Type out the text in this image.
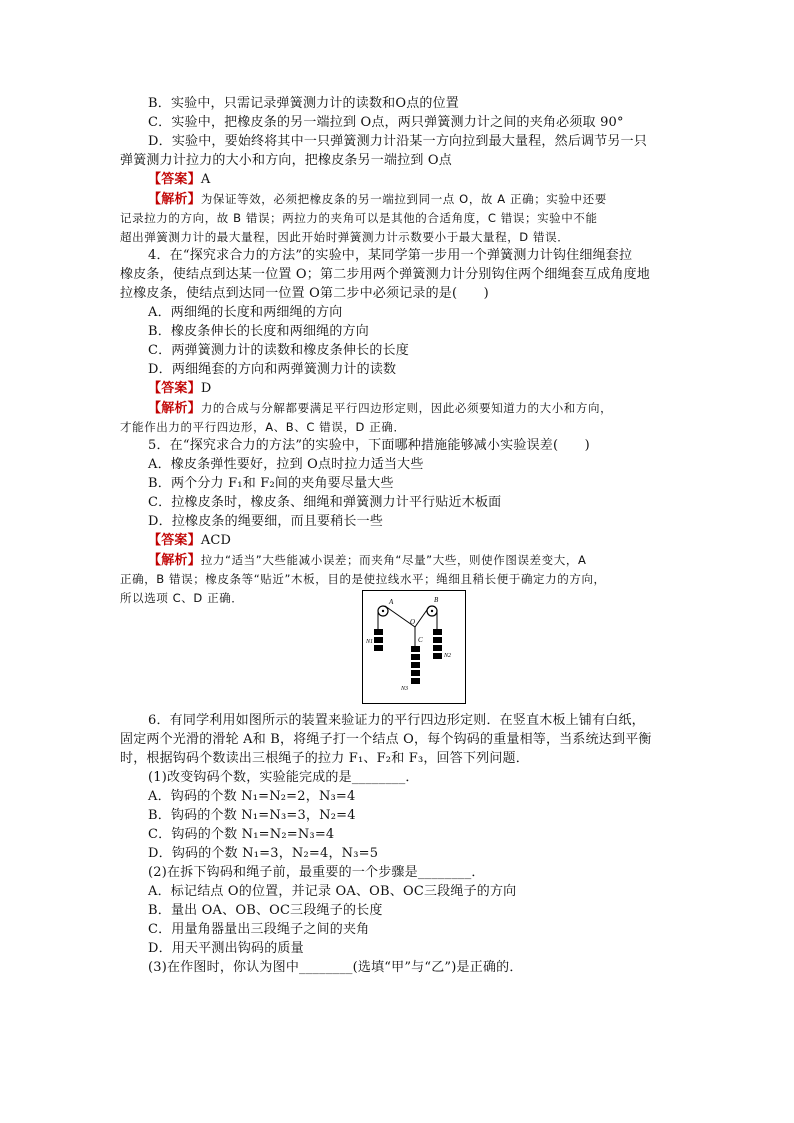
B．实验中，只需记录弹簧测力计的读数和O点的位置
C．实验中，把橡皮条的另一端拉到 O点，两只弹簧测力计之间的夹角必须取 90°
D．实验中，要始终将其中一只弹簧测力计沿某一方向拉到最大量程，然后调节另一只
弹簧测力计拉力的大小和方向，把橡皮条另一端拉到 O点
【答案】A
【解析】为保证等效，必须把橡皮条的另一端拉到同一点 O，故 A 正确；实验中还要
记录拉力的方向，故 B 错误；两拉力的夹角可以是其他的合适角度，C 错误；实验中不能
超出弹簧测力计的最大量程，因此开始时弹簧测力计示数要小于最大量程，D 错误．
4．在“探究求合力的方法”的实验中，某同学第一步用一个弹簧测力计钩住细绳套拉
橡皮条，使结点到达某一位置 O；第二步用两个弹簧测力计分别钩住两个细绳套互成角度地
拉橡皮条，使结点到达同一位置 O第二步中必须记录的是(　　)
A．两细绳的长度和两细绳的方向
B．橡皮条伸长的长度和两细绳的方向
C．两弹簧测力计的读数和橡皮条伸长的长度
D．两细绳套的方向和两弹簧测力计的读数
【答案】D
【解析】力的合成与分解都要满足平行四边形定则，因此必须要知道力的大小和方向，
才能作出力的平行四边形，A、B、C 错误，D 正确．
5．在“探究求合力的方法”的实验中，下面哪种措施能够减小实验误差(　　)
A．橡皮条弹性要好，拉到 O点时拉力适当大些
B．两个分力 F₁和 F₂间的夹角要尽量大些
C．拉橡皮条时，橡皮条、细绳和弹簧测力计平行贴近木板面
D．拉橡皮条的绳要细，而且要稍长一些
【答案】ACD
【解析】拉力“适当”大些能减小误差；而夹角“尽量”大些，则使作图误差变大，A
正确，B 错误；橡皮条等“贴近”木板，目的是使拉线水平；绳细且稍长便于确定力的方向，
所以选项 C、D 正确．	A	B
O
C
N1
N2
N3
6．有同学利用如图所示的装置来验证力的平行四边形定则．在竖直木板上铺有白纸，
固定两个光滑的滑轮 A和 B，将绳子打一个结点 O，每个钩码的重量相等，当系统达到平衡
时，根据钩码个数读出三根绳子的拉力 F₁、F₂和 F₃，回答下列问题．
(1)改变钩码个数，实验能完成的是________．
A．钩码的个数 N₁=N₂=2，N₃=4
B．钩码的个数 N₁=N₃=3，N₂=4
C．钩码的个数 N₁=N₂=N₃=4
D．钩码的个数 N₁=3，N₂=4，N₃=5
(2)在拆下钩码和绳子前，最重要的一个步骤是________．
A．标记结点 O的位置，并记录 OA、OB、OC三段绳子的方向
B．量出 OA、OB、OC三段绳子的长度
C．用量角器量出三段绳子之间的夹角
D．用天平测出钩码的质量
(3)在作图时，你认为图中________(选填“甲”与“乙”)是正确的．
